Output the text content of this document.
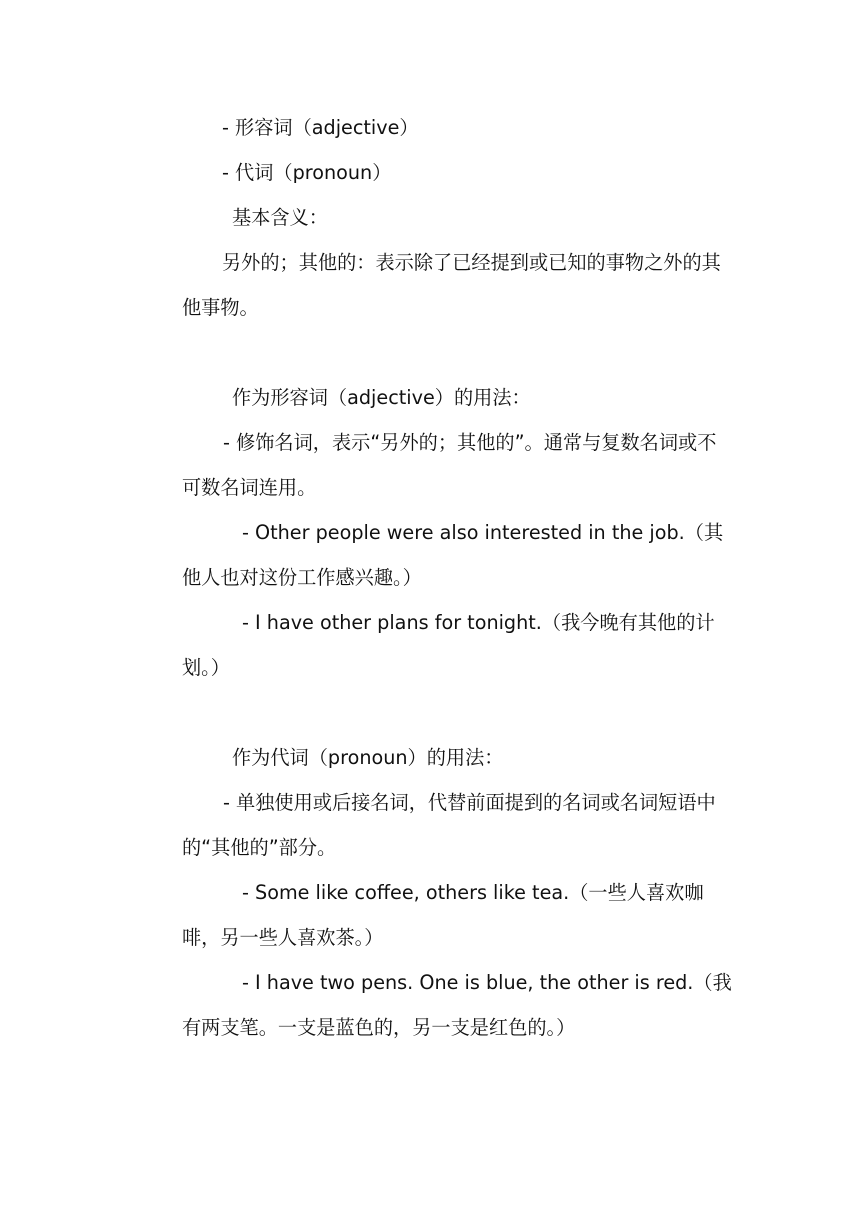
- 形容词（adjective）

- 代词（pronoun）

基本含义：

另外的；其他的：表示除了已经提到或已知的事物之外的其他事物。

作为形容词（adjective）的用法：

- 修饰名词，表示“另外的；其他的”。通常与复数名词或不可数名词连用。

- Other people were also interested in the job.（其他人也对这份工作感兴趣。）

- I have other plans for tonight.（我今晚有其他的计划。）

作为代词（pronoun）的用法：

- 单独使用或后接名词，代替前面提到的名词或名词短语中的“其他的”部分。

- Some like coffee, others like tea.（一些人喜欢咖啡，另一些人喜欢茶。）

- I have two pens. One is blue, the other is red.（我有两支笔。一支是蓝色的，另一支是红色的。）
